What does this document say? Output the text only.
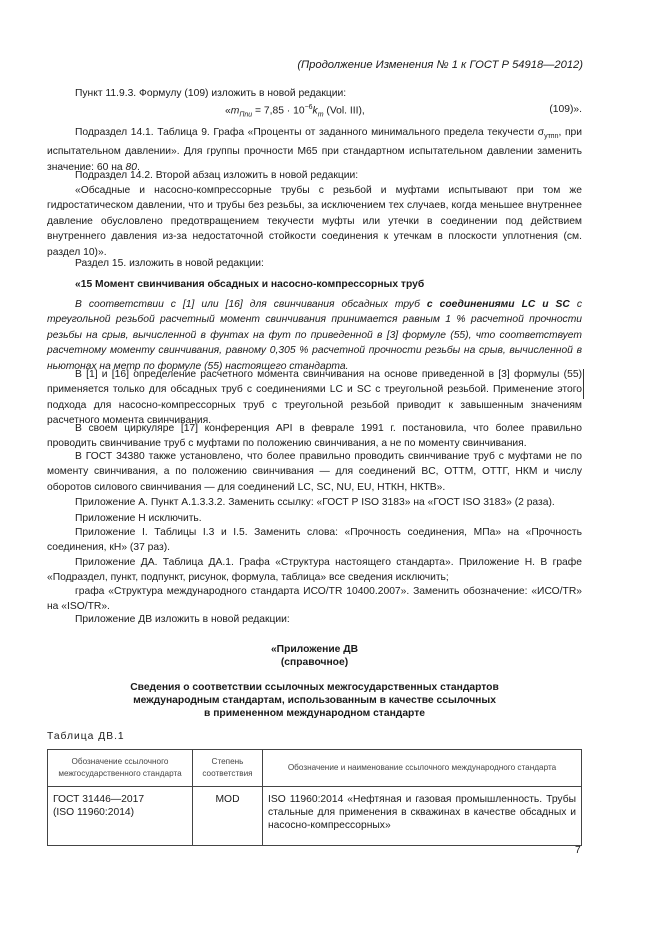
(Продолжение Изменения № 1 к ГОСТ Р 54918—2012)

Пункт 11.9.3. Формулу (109) изложить в новой редакции:

«$m_{Пnu} = 7,85 \cdot 10^{-6}k_m$ (Vol. III),	(109)».

Подраздел 14.1. Таблица 9. Графа «Проценты от заданного минимального предела текучести $\sigma_{утпn}$, при испытательном давлении». Для группы прочности M65 при стандартном испытательном давлении заменить значение: 60 на 80.

Подраздел 14.2. Второй абзац изложить в новой редакции:

«Обсадные и насосно-компрессорные трубы с резьбой и муфтами испытывают при том же гидростатическом давлении, что и трубы без резьбы, за исключением тех случаев, когда меньшее внутреннее давление обусловлено предотвращением текучести муфты или утечки в соединении под действием внутреннего давления из-за недостаточной стойкости соединения к утечкам в плоскости уплотнения (см. раздел 10)».

Раздел 15. изложить в новой редакции:

«15 Момент свинчивания обсадных и насосно-компрессорных труб

В соответствии с [1] или [16] для свинчивания обсадных труб с соединениями LC и SC с треугольной резьбой расчетный момент свинчивания принимается равным 1 % расчетной прочности резьбы на срыв, вычисленной в фунтах на фут по приведенной в [3] формуле (55), что соответствует расчетному моменту свинчивания, равному 0,305 % расчетной прочности резьбы на срыв, вычисленной в ньютонах на метр по формуле (55) настоящего стандарта.

В [1] и [16] определение расчетного момента свинчивания на основе приведенной в [3] формулы (55) применяется только для обсадных труб с соединениями LC и SC с треугольной резьбой. Применение этого подхода для насосно-компрессорных труб с треугольной резьбой приводит к завышенным значениям расчетного момента свинчивания.

В своем циркуляре [17] конференция API в феврале 1991 г. постановила, что более правильно проводить свинчивание труб с муфтами по положению свинчивания, а не по моменту свинчивания.

В ГОСТ 34380 также установлено, что более правильно проводить свинчивание труб с муфтами не по моменту свинчивания, а по положению свинчивания — для соединений BC, OTTM, OTTГ, НКМ и числу оборотов силового свинчивания — для соединений LC, SC, NU, EU, НТКН, НКТВ».

Приложение А. Пункт А.1.3.3.2. Заменить ссылку: «ГОСТ Р ISO 3183» на «ГОСТ ISO 3183» (2 раза).

Приложение Н исключить.

Приложение I. Таблицы I.3 и I.5. Заменить слова: «Прочность соединения, МПа» на «Прочность соединения, кН» (37 раз).

Приложение ДА. Таблица ДА.1. Графа «Структура настоящего стандарта». Приложение Н. В графе «Подраздел, пункт, подпункт, рисунок, формула, таблица» все сведения исключить;

графа «Структура международного стандарта ИСО/TR 10400.2007». Заменить обозначение: «ИСО/TR» на «ISO/TR».

Приложение ДВ изложить в новой редакции:

«Приложение ДВ
(справочное)
Сведения о соответствии ссылочных межгосударственных стандартов
международным стандартам, использованным в качестве ссылочных
в примененном международном стандарте
Таблица ДВ.1
Обозначение ссылочного межгосударственного стандарта	Степень соответствия	Обозначение и наименование ссылочного международного стандарта
ГОСТ 31446—2017
(ISO 11960:2014)	MOD	ISO 11960:2014 «Нефтяная и газовая промышленность. Трубы стальные для применения в скважинах в качестве обсадных и насосно-компрессорных»
7
